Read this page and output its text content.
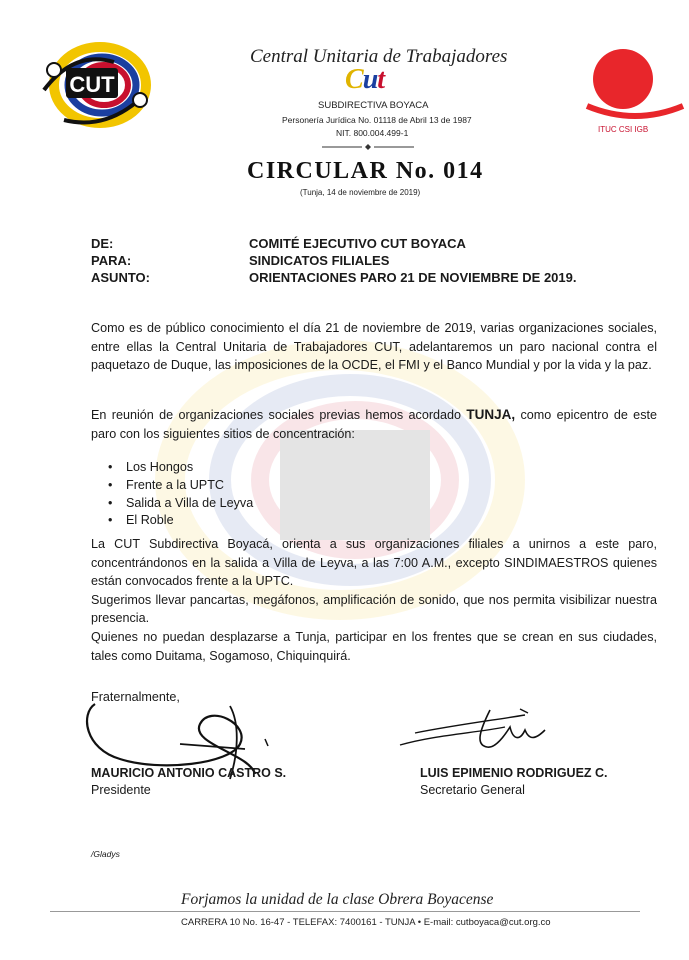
CUT
Central Unitaria de Trabajadores
Cut
SUBDIRECTIVA BOYACA
Personería Jurídica No. 01118 de Abril 13 de 1987
NIT. 800.004.499-1	ITUC CSI IGB
CIRCULAR No. 014
(Tunja, 14 de noviembre de 2019)
DE:	COMITÉ EJECUTIVO CUT BOYACA
PARA:	SINDICATOS FILIALES
ASUNTO:	ORIENTACIONES PARO 21 DE NOVIEMBRE DE 2019.
Como es de público conocimiento el día 21 de noviembre de 2019, varias organizaciones sociales, entre ellas la Central Unitaria de Trabajadores CUT, adelantaremos un paro nacional contra el paquetazo de Duque, las imposiciones de la OCDE, el FMI y el Banco Mundial y por la vida y la paz.
En reunión de organizaciones sociales previas hemos acordado TUNJA, como epicentro de este paro con los siguientes sitios de concentración:
• Los Hongos
• Frente a la UPTC
• Salida a Villa de Leyva
• El Roble
La CUT Subdirectiva Boyacá, orienta a sus organizaciones filiales a unirnos a este paro, concentrándonos en la salida a Villa de Leyva, a las 7:00 A.M., excepto SINDIMAESTROS quienes están convocados frente a la UPTC.
Sugerimos llevar pancartas, megáfonos, amplificación de sonido, que nos permita visibilizar nuestra presencia.
Quienes no puedan desplazarse a Tunja, participar en los frentes que se crean en sus ciudades, tales como Duitama, Sogamoso, Chiquinquirá.
Fraternalmente,
MAURICIO ANTONIO CASTRO S.
Presidente
LUIS EPIMENIO RODRIGUEZ C.
Secretario General
/Gladys
Forjamos la unidad de la clase Obrera Boyacense
CARRERA 10 No. 16-47 - TELEFAX: 7400161 - TUNJA • E-mail: cutboyaca@cut.org.co
